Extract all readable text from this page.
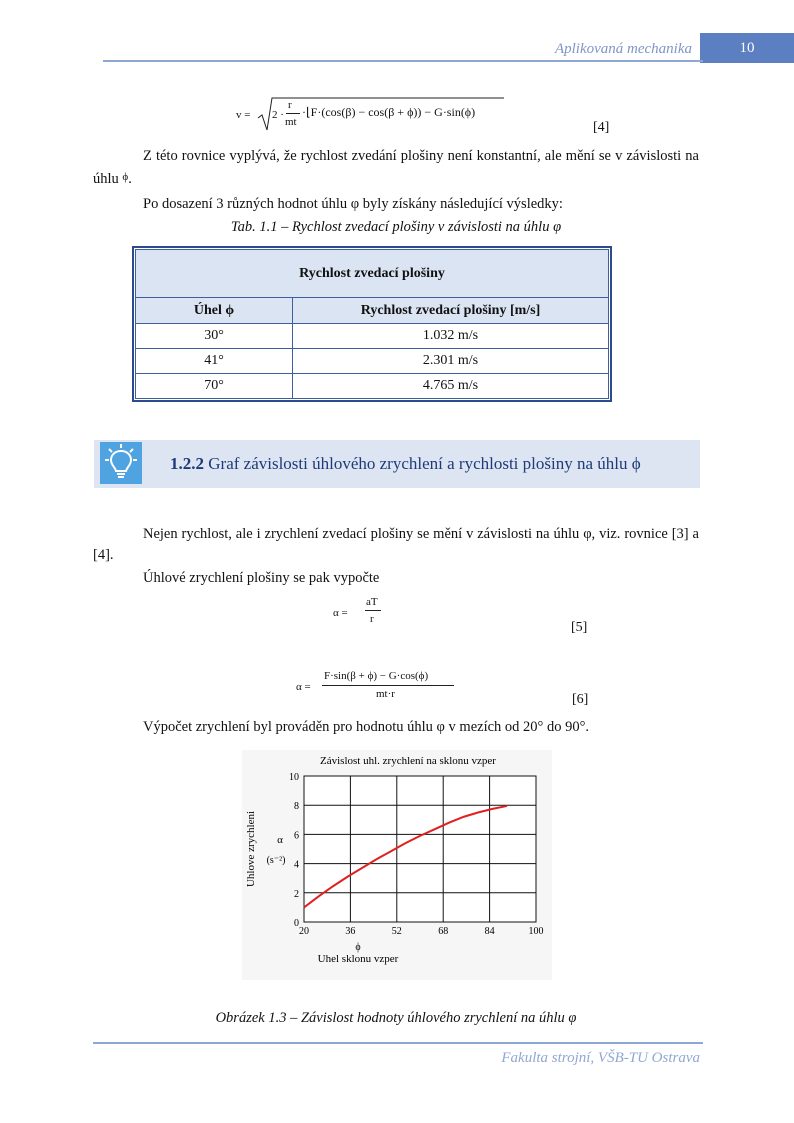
Aplikovaná mechanika	10
v = 2 ·
r
mt
·⌊F·(cos(β) − cos(β + ϕ)) − G·sin(ϕ)
[4]
Z této rovnice vyplývá, že rychlost zvedání plošiny není konstantní, ale mění se v závislosti na úhlu $^\phi$.
Po dosazení 3 různých hodnot úhlu φ byly získány následující výsledky:
Tab. 1.1 – Rychlost zvedací plošiny v závislosti na úhlu φ
Rychlost zvedací plošiny	
Úhel ϕ	Rychlost zvedací plošiny [m/s]
30°	1.032 m/s
41°	2.301 m/s
70°	4.765 m/s
1.2.2 Graf závislosti úhlového zrychlení a rychlosti plošiny na úhlu ϕ
Nejen rychlost, ale i zrychlení zvedací plošiny se mění v závislosti na úhlu φ, viz. rovnice [3] a [4].
Úhlové zrychlení plošiny se pak vypočte
α =
aT
r
[5]
α =
F·sin(β + ϕ) − G·cos(ϕ)
mt·r	[6]
Výpočet zrychlení byl prováděn pro hodnotu úhlu φ v mezích od 20° do 90°.
20	36	52	68	84	100
0
2
4
6
8
10
Závislost uhl. zrychlení na sklonu vzper
ϕ
Uhel sklonu vzper
Uhlove zrychleni α
(s⁻²)
Obrázek 1.3 – Závislost hodnoty úhlového zrychlení na úhlu φ
Fakulta strojní, VŠB-TU Ostrava
